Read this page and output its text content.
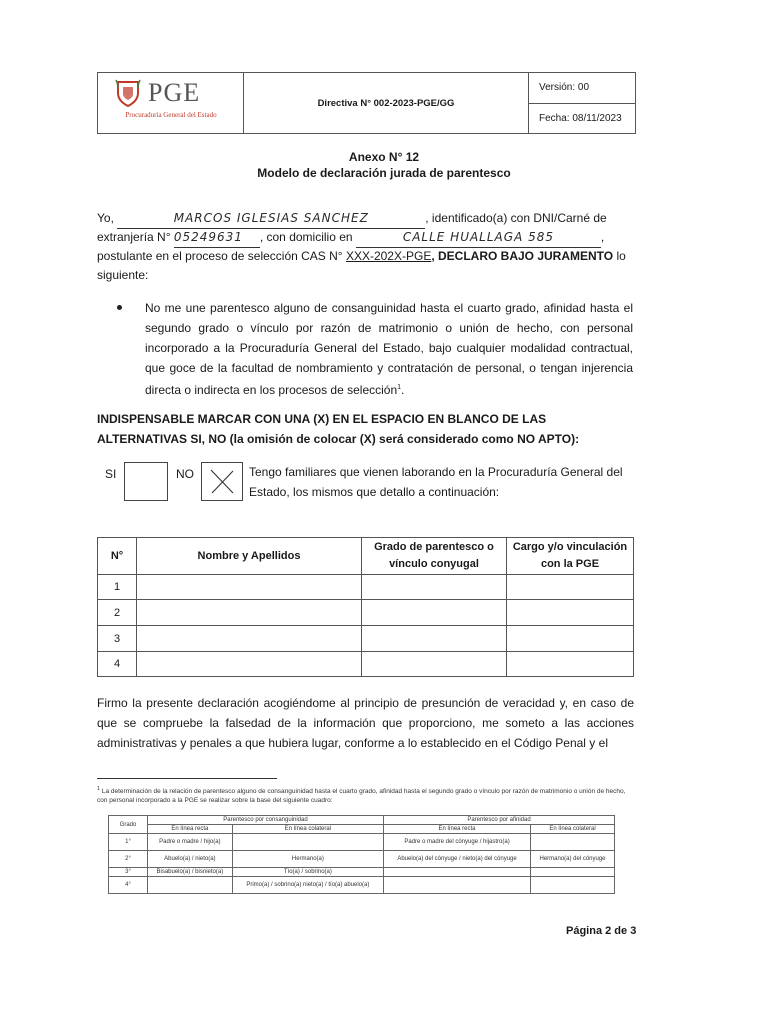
PGE
Procuraduría General del Estado
Directiva N° 002-2023-PGE/GG
Versión: 00
Fecha: 08/11/2023
Anexo N° 12
Modelo de declaración jurada de parentesco
Yo,	MARCOS IGLESIAS SANCHEZ	, identificado(a) con DNI/Carné de
extranjería N° 05249631 , con domicilio en	CALLE HUALLAGA 585	,
postulante en el proceso de selección CAS N° XXX-202X-PGE, DECLARO BAJO JURAMENTO lo
siguiente:
No me une parentesco alguno de consanguinidad hasta el cuarto grado, afinidad hasta el segundo grado o vínculo por razón de matrimonio o unión de hecho, con personal incorporado a la Procuraduría General del Estado, bajo cualquier modalidad contractual, que goce de la facultad de nombramiento y contratación de personal, o tengan injerencia directa o indirecta en los procesos de selección$^1$.
INDISPENSABLE MARCAR CON UNA (X) EN EL ESPACIO EN BLANCO DE LAS ALTERNATIVAS SI, NO (la omisión de colocar (X) será considerado como NO APTO):
SI	NO	Tengo familiares que vienen laborando en la Procuraduría General del Estado, los mismos que detallo a continuación:
N°	Nombre y Apellidos	Grado de parentesco o vínculo conyugal	Cargo y/o vinculación con la PGE
1			
2			
3			
4			
Firmo la presente declaración acogiéndome al principio de presunción de veracidad y, en caso de que se compruebe la falsedad de la información que proporciono, me someto a las acciones administrativas y penales a que hubiera lugar, conforme a lo establecido en el Código Penal y el
$^1$ La determinación de la relación de parentesco alguno de consanguinidad hasta el cuarto grado, afinidad hasta el segundo grado o vínculo por razón de matrimonio o unión de hecho, con personal incorporado a la PGE se realizar sobre la base del siguiente cuadro:
Grado	Parentesco por consanguinidad		Parentesco por afinidad	
	En línea recta	En línea colateral	En línea recta	En línea colateral
1°	Padre o madre / hijo(a)		Padre o madre del cónyuge / hijastro(a)	
2°	Abuelo(a) / nieto(a)	Hermano(a)	Abuelo(a) del cónyuge / nieto(a) del cónyuge	Hermano(a) del cónyuge
3°	Bisabuelo(a) / bisnieto(a)	Tío(a) / sobrino(a)		
4°		Primo(a) / sobrino(a) nieto(a) / tío(a) abuelo(a)		
Página 2 de 3
